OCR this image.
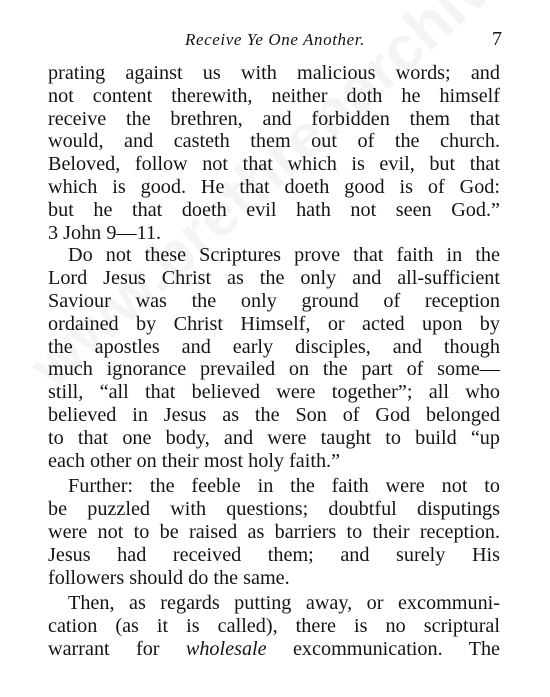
Receive Ye One Another.	7
prating against us with malicious words; and
not content therewith, neither doth he himself
receive the brethren, and forbidden them that
would, and casteth them out of the church.
Beloved, follow not that which is evil, but that
which is good. He that doeth good is of God:
but he that doeth evil hath not seen God.”
3 John 9—11.
Do not these Scriptures prove that faith in the
Lord Jesus Christ as the only and all-sufficient
Saviour was the only ground of reception
ordained by Christ Himself, or acted upon by
the apostles and early disciples, and though
much ignorance prevailed on the part of some—
still, “all that believed were together”; all who
believed in Jesus as the Son of God belonged
to that one body, and were taught to build “up
each other on their most holy faith.”
Further: the feeble in the faith were not to
be puzzled with questions; doubtful disputings
were not to be raised as barriers to their reception.
Jesus had received them; and surely His
followers should do the same.
Then, as regards putting away, or excommuni-
cation (as it is called), there is no scriptural
warrant for wholesale excommunication. The
